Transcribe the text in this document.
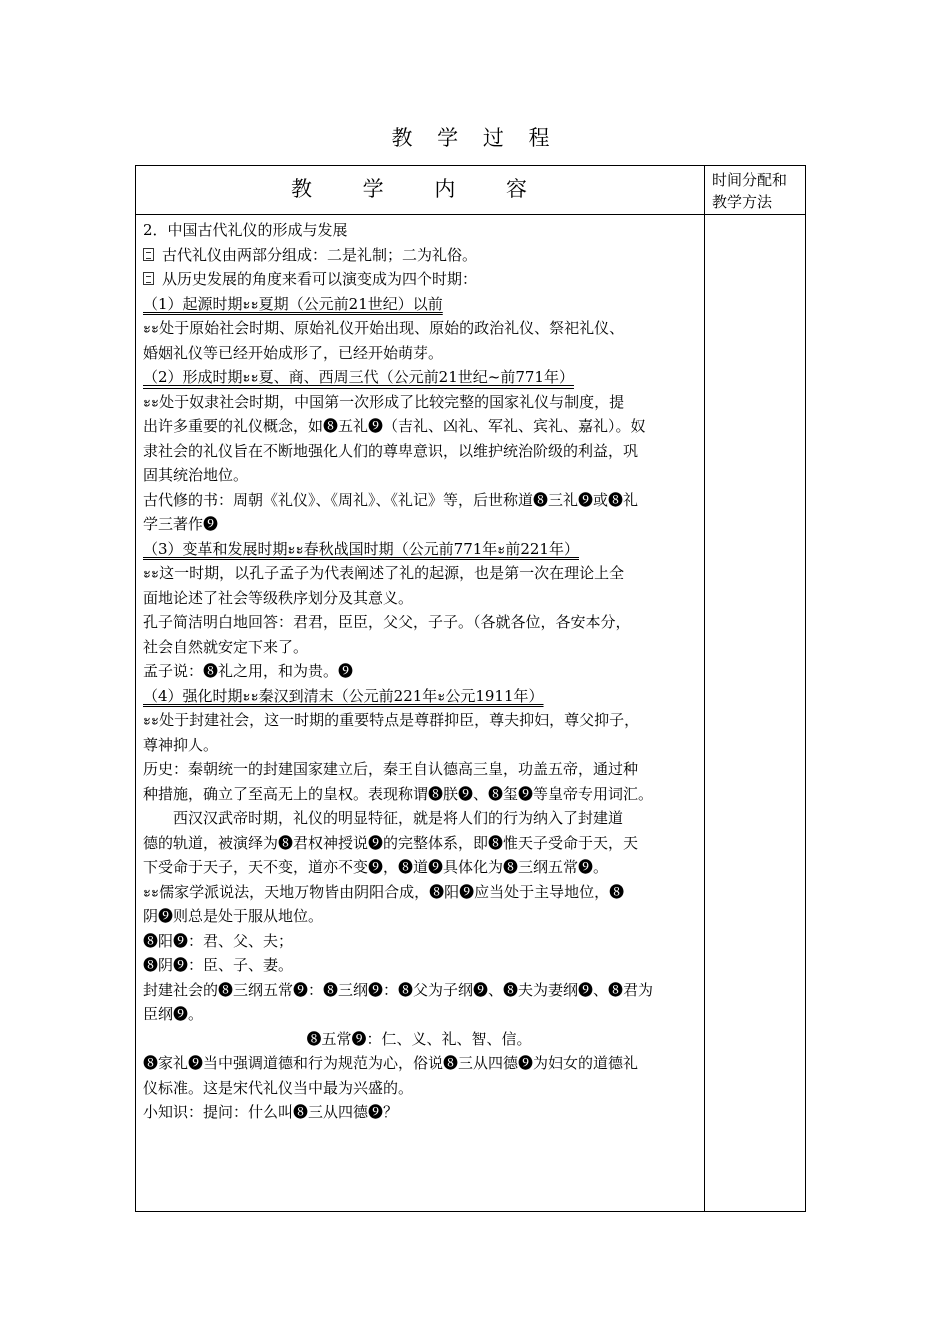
教 学 过 程
教 学 内 容	时间分配和
教学方法
2．中国古代礼仪的形成与发展
古代礼仪由两部分组成：二是礼制；二为礼俗。
从历史发展的角度来看可以演变成为四个时期：
（1）起源时期ะะ夏期（公元前21世纪）以前
ะะ处于原始社会时期、原始礼仪开始出现、原始的政治礼仪、祭祀礼仪、
婚姻礼仪等已经开始成形了，已经开始萌芽。
（2）形成时期ะะ夏、商、西周三代（公元前21世纪~前771年）
ะะ处于奴隶社会时期，中国第一次形成了比较完整的国家礼仪与制度，提
出许多重要的礼仪概念，如❽五礼❾（吉礼、凶礼、军礼、宾礼、嘉礼）。奴
隶社会的礼仪旨在不断地强化人们的尊卑意识，以维护统治阶级的利益，巩
固其统治地位。
古代修的书：周朝《礼仪》、《周礼》、《礼记》等，后世称道❽三礼❾或❽礼
学三著作❾
（3）变革和发展时期ะะ春秋战国时期（公元前771年ะ前221年）
ะะ这一时期，以孔子孟子为代表阐述了礼的起源，也是第一次在理论上全
面地论述了社会等级秩序划分及其意义。
孔子简洁明白地回答：君君，臣臣，父父，子子。（各就各位，各安本分，
社会自然就安定下来了。
孟子说：❽礼之用，和为贵。❾
（4）强化时期ะะ秦汉到清末（公元前221年ะ公元1911年）
ะะ处于封建社会，这一时期的重要特点是尊群抑臣，尊夫抑妇，尊父抑子，
尊神抑人。
历史：秦朝统一的封建国家建立后，秦王自认德高三皇，功盖五帝，通过种
种措施，确立了至高无上的皇权。表现称谓❽朕❾、❽玺❾等皇帝专用词汇。
西汉汉武帝时期，礼仪的明显特征，就是将人们的行为纳入了封建道
德的轨道，被演绎为❽君权神授说❾的完整体系，即❽惟天子受命于天，天
下受命于天子，天不变，道亦不变❾，❽道❾具体化为❽三纲五常❾。
ะะ儒家学派说法，天地万物皆由阴阳合成，❽阳❾应当处于主导地位，❽
阴❾则总是处于服从地位。
❽阳❾：君、父、夫；
❽阴❾：臣、子、妻。
封建社会的❽三纲五常❾：❽三纲❾：❽父为子纲❾、❽夫为妻纲❾、❽君为
臣纲❾。
❽五常❾：仁、义、礼、智、信。
❽家礼❾当中强调道德和行为规范为心，俗说❽三从四德❾为妇女的道德礼
仪标准。这是宋代礼仪当中最为兴盛的。
小知识：提问：什么叫❽三从四德❾？
